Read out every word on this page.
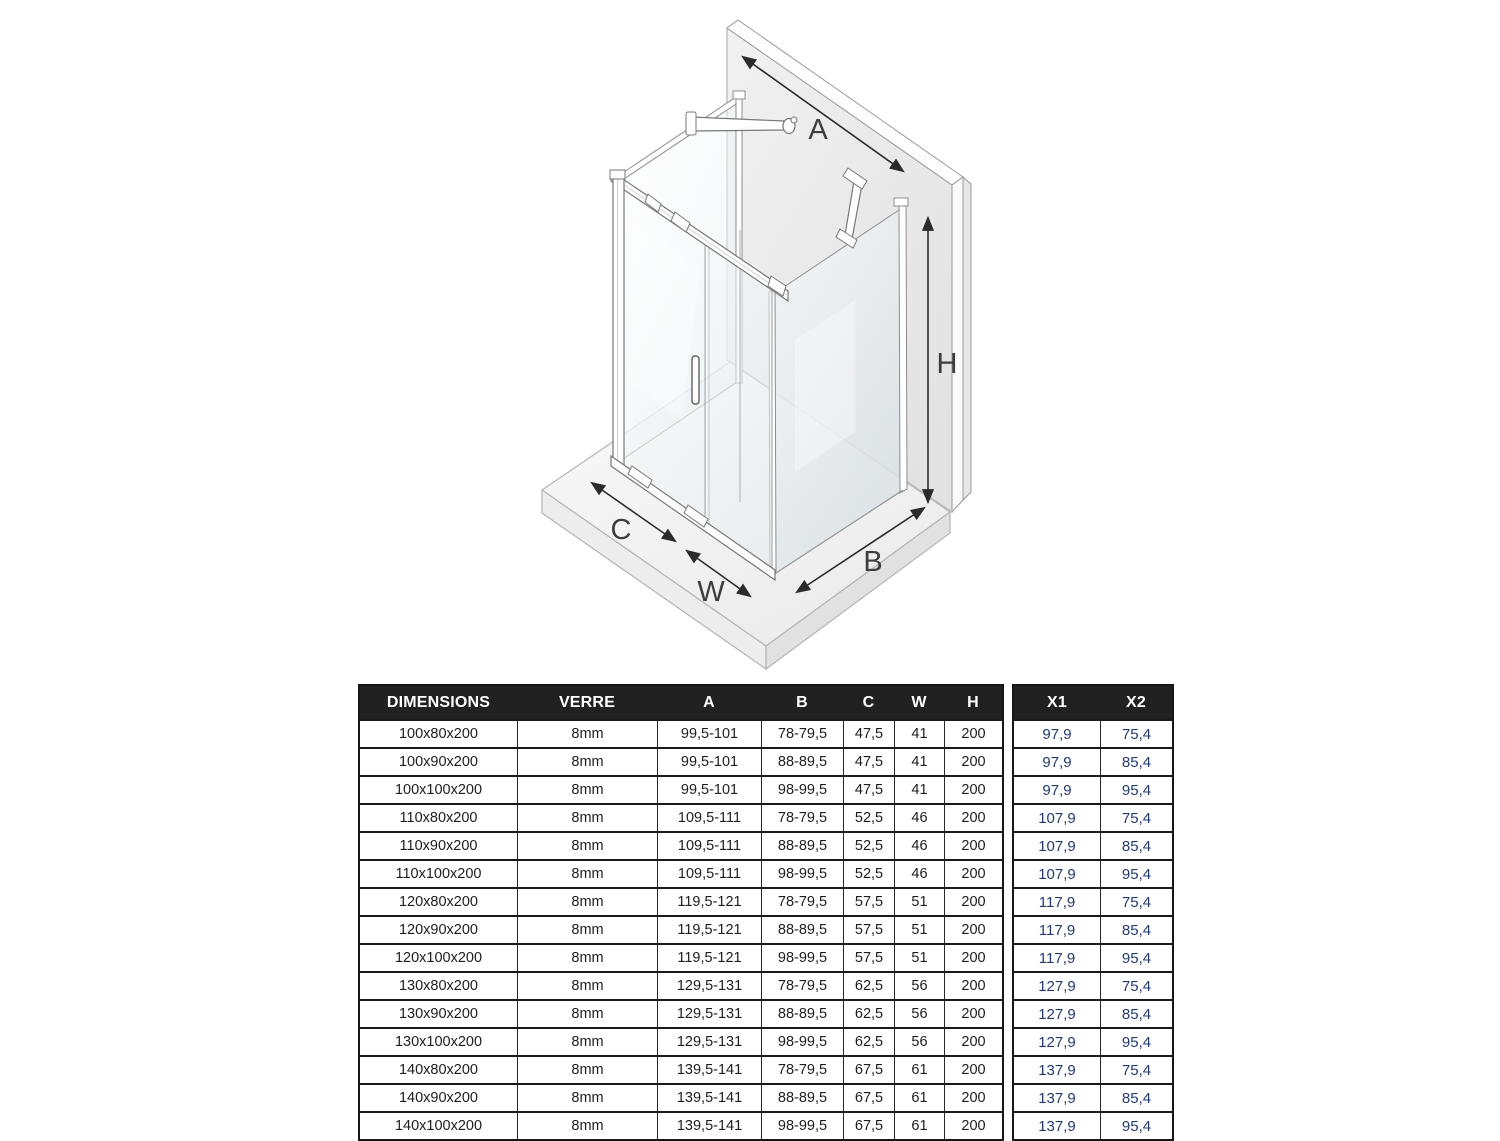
A
H
B
C
W
DIMENSIONS	VERRE	A	B	C	W	H
100x80x200	8mm	99,5-101	78-79,5	47,5	41	200
100x90x200	8mm	99,5-101	88-89,5	47,5	41	200
100x100x200	8mm	99,5-101	98-99,5	47,5	41	200
110x80x200	8mm	109,5-111	78-79,5	52,5	46	200
110x90x200	8mm	109,5-111	88-89,5	52,5	46	200
110x100x200	8mm	109,5-111	98-99,5	52,5	46	200
120x80x200	8mm	119,5-121	78-79,5	57,5	51	200
120x90x200	8mm	119,5-121	88-89,5	57,5	51	200
120x100x200	8mm	119,5-121	98-99,5	57,5	51	200
130x80x200	8mm	129,5-131	78-79,5	62,5	56	200
130x90x200	8mm	129,5-131	88-89,5	62,5	56	200
130x100x200	8mm	129,5-131	98-99,5	62,5	56	200
140x80x200	8mm	139,5-141	78-79,5	67,5	61	200
140x90x200	8mm	139,5-141	88-89,5	67,5	61	200
140x100x200	8mm	139,5-141	98-99,5	67,5	61	200
X1	X2
97,9	75,4
97,9	85,4
97,9	95,4
107,9	75,4
107,9	85,4
107,9	95,4
117,9	75,4
117,9	85,4
117,9	95,4
127,9	75,4
127,9	85,4
127,9	95,4
137,9	75,4
137,9	85,4
137,9	95,4
